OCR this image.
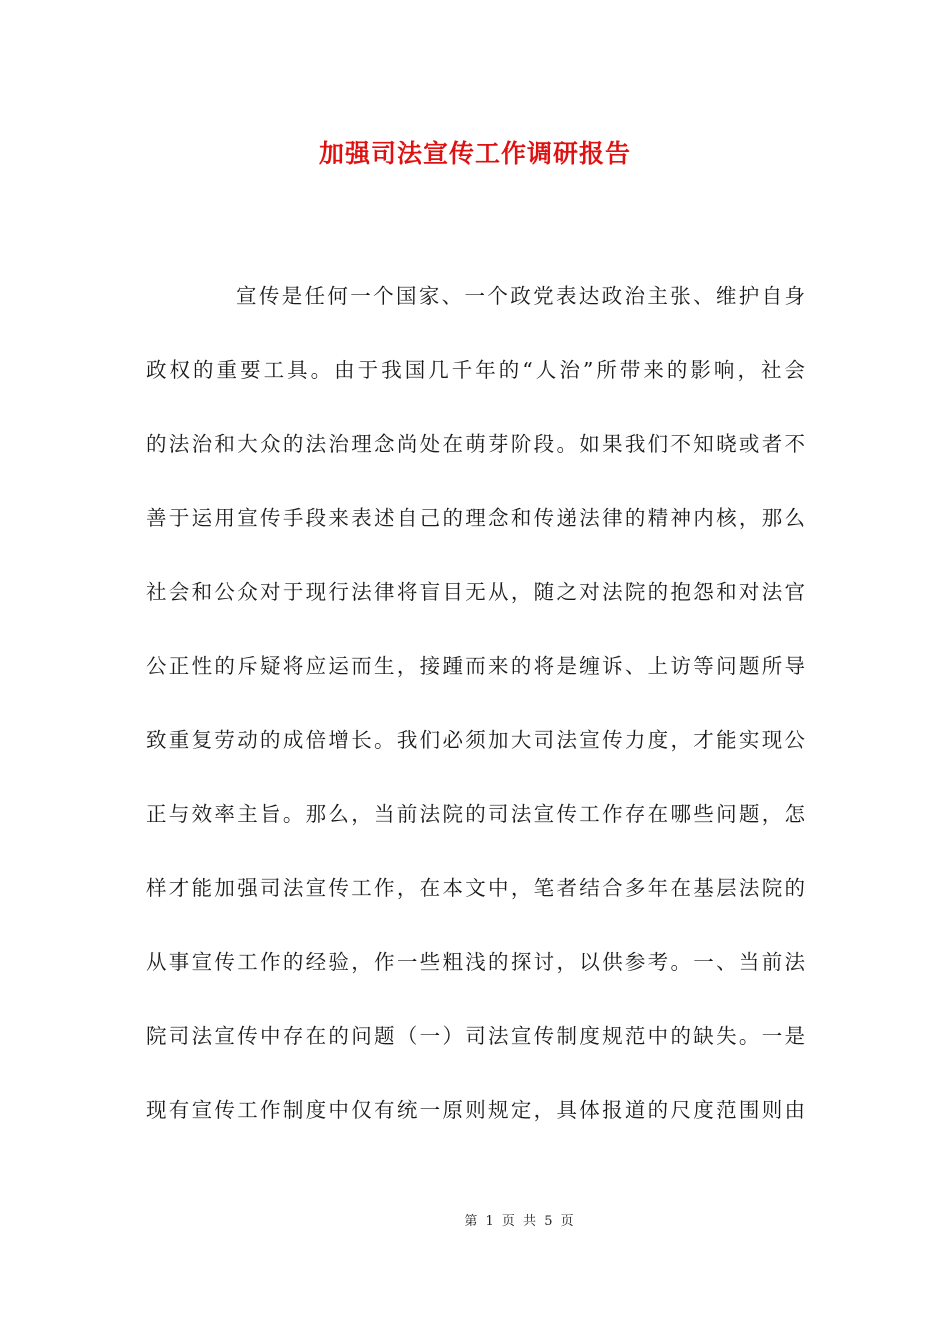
加强司法宣传工作调研报告
宣传是任何一个国家、一个政党表达政治主张、维护自身
政权的重要工具。由于我国几千年的“人治”所带来的影响，社会
的法治和大众的法治理念尚处在萌芽阶段。如果我们不知晓或者不
善于运用宣传手段来表述自己的理念和传递法律的精神内核，那么
社会和公众对于现行法律将盲目无从，随之对法院的抱怨和对法官
公正性的斥疑将应运而生，接踵而来的将是缠诉、上访等问题所导
致重复劳动的成倍增长。我们必须加大司法宣传力度，才能实现公
正与效率主旨。那么，当前法院的司法宣传工作存在哪些问题，怎
样才能加强司法宣传工作，在本文中，笔者结合多年在基层法院的
从事宣传工作的经验，作一些粗浅的探讨，以供参考。一、当前法
院司法宣传中存在的问题（一）司法宣传制度规范中的缺失。一是
现有宣传工作制度中仅有统一原则规定，具体报道的尺度范围则由
第 1 页 共 5 页
